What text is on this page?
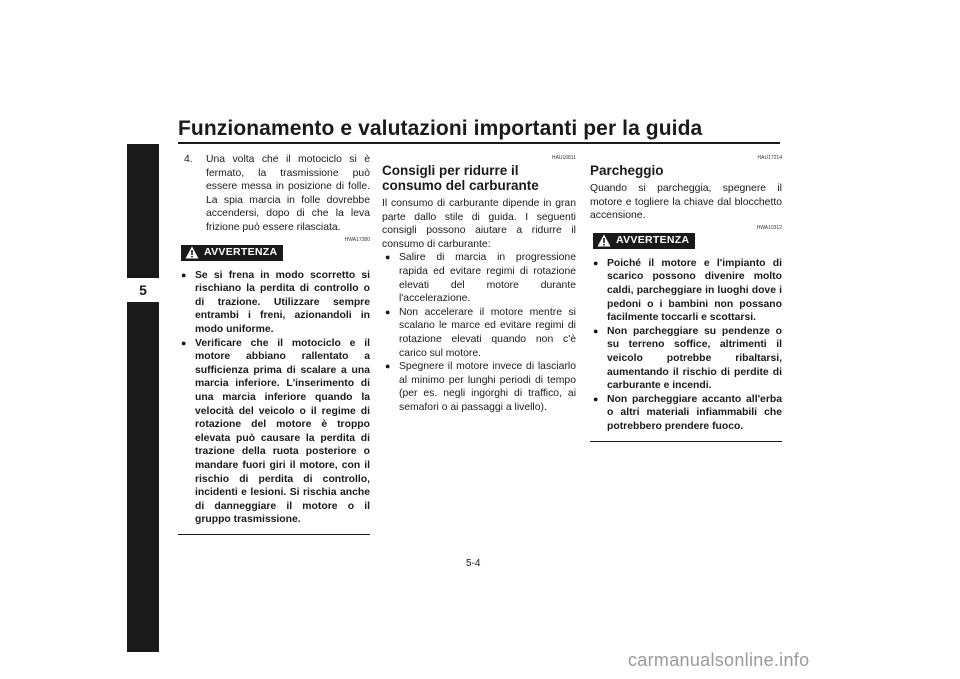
Funzionamento e valutazioni importanti per la guida
5
4.	Una volta che il motociclo si è fermato, la trasmissione può essere messa in posizione di folle. La spia marcia in folle dovrebbe accendersi, dopo di che la leva frizione può essere rilasciata.
HWA17380
AVVERTENZA
● Se si frena in modo scorretto si rischiano la perdita di controllo o di trazione. Utilizzare sempre entrambi i freni, azionandoli in modo uniforme.
● Verificare che il motociclo e il motore abbiano rallentato a sufficienza prima di scalare a una marcia inferiore. L'inserimento di una marcia inferiore quando la velocità del veicolo o il regime di rotazione del motore è troppo elevata può causare la perdita di trazione della ruota posteriore o mandare fuori giri il motore, con il rischio di perdita di controllo, incidenti e lesioni. Si rischia anche di danneggiare il motore o il gruppo trasmissione.
HAU16811
Consigli per ridurre il consumo del carburante
Il consumo di carburante dipende in gran parte dallo stile di guida. I seguenti consigli possono aiutare a ridurre il consumo di carburante:
● Salire di marcia in progressione rapida ed evitare regimi di rotazione elevati del motore durante l'accelerazione.
● Non accelerare il motore mentre si scalano le marce ed evitare regimi di rotazione elevati quando non c'è carico sul motore.
● Spegnere il motore invece di lasciarlo al minimo per lunghi periodi di tempo (per es. negli ingorghi di traffico, ai semafori o ai passaggi a livello).
HAU17214
Parcheggio
Quando si parcheggia, spegnere il motore e togliere la chiave dal blocchetto accensione.
HWA10312
AVVERTENZA
● Poiché il motore e l'impianto di scarico possono divenire molto caldi, parcheggiare in luoghi dove i pedoni o i bambini non possano facilmente toccarli e scottarsi.
● Non parcheggiare su pendenze o su terreno soffice, altrimenti il veicolo potrebbe ribaltarsi, aumentando il rischio di perdite di carburante e incendi.
● Non parcheggiare accanto all'erba o altri materiali infiammabili che potrebbero prendere fuoco.
5-4
carmanualsonline.info
